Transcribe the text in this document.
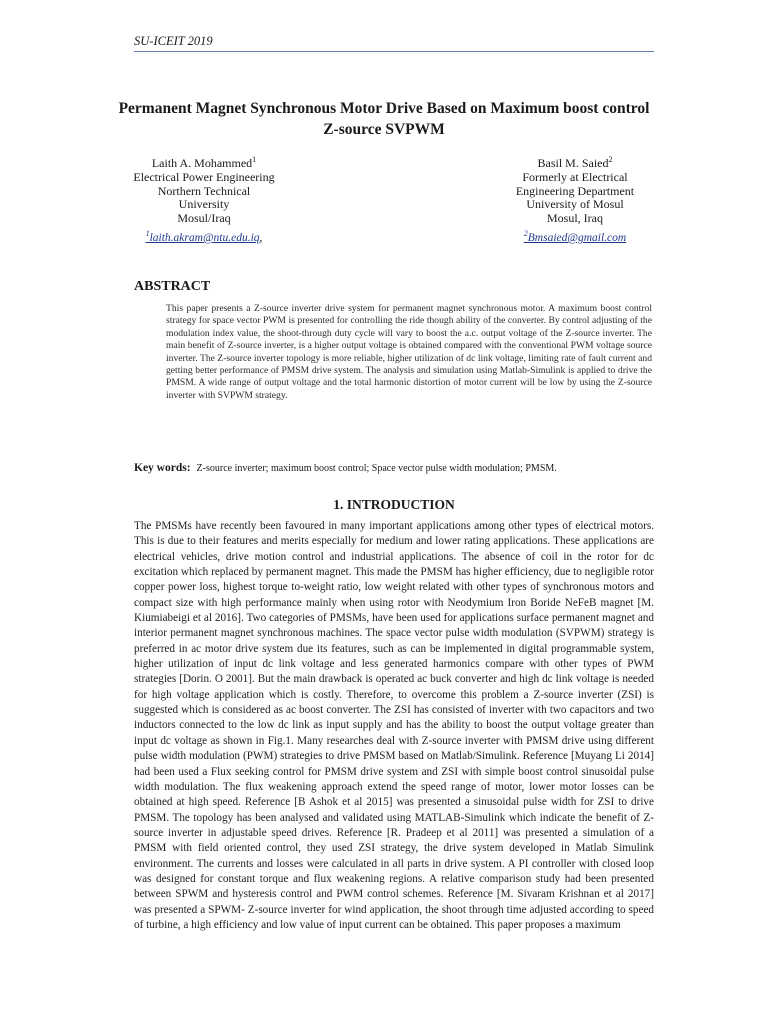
SU-ICEIT 2019
Permanent Magnet Synchronous Motor Drive Based on Maximum boost control Z-source SVPWM
Laith A. Mohammed$^1$
Electrical Power Engineering
Northern Technical
University
Mosul/Iraq
$^1$laith.akram@ntu.edu.iq,
Basil M. Saied$^2$
Formerly at Electrical
Engineering Department
University of Mosul
Mosul, Iraq
$^2$Bmsaied@gmail.com
ABSTRACT
This paper presents a Z-source inverter drive system for permanent magnet synchronous motor. A maximum boost control strategy for space vector PWM is presented for controlling the ride though ability of the converter. By control adjusting of the modulation index value, the shoot-through duty cycle will vary to boost the a.c. output voltage of the Z-source inverter. The main benefit of Z-source inverter, is a higher output voltage is obtained compared with the conventional PWM voltage source inverter. The Z-source inverter topology is more reliable, higher utilization of dc link voltage, limiting rate of fault current and getting better performance of PMSM drive system. The analysis and simulation using Matlab-Simulink is applied to drive the PMSM. A wide range of output voltage and the total harmonic distortion of motor current will be low by using the Z-source inverter with SVPWM strategy.
Key words: Z-source inverter; maximum boost control; Space vector pulse width modulation; PMSM.
1. INTRODUCTION
The PMSMs have recently been favoured in many important applications among other types of electrical motors. This is due to their features and merits especially for medium and lower rating applications. These applications are electrical vehicles, drive motion control and industrial applications. The absence of coil in the rotor for dc excitation which replaced by permanent magnet. This made the PMSM has higher efficiency, due to negligible rotor copper power loss, highest torque to-weight ratio, low weight related with other types of synchronous motors and compact size with high performance mainly when using rotor with Neodymium Iron Boride NeFeB magnet [M. Kiumiabeigi et al 2016]. Two categories of PMSMs, have been used for applications surface permanent magnet and interior permanent magnet synchronous machines. The space vector pulse width modulation (SVPWM) strategy is preferred in ac motor drive system due its features, such as can be implemented in digital programmable system, higher utilization of input dc link voltage and less generated harmonics compare with other types of PWM strategies [Dorin. O 2001]. But the main drawback is operated ac buck converter and high dc link voltage is needed for high voltage application which is costly. Therefore, to overcome this problem a Z-source inverter (ZSI) is suggested which is considered as ac boost converter. The ZSI has consisted of inverter with two capacitors and two inductors connected to the low dc link as input supply and has the ability to boost the output voltage greater than input dc voltage as shown in Fig.1. Many researches deal with Z-source inverter with PMSM drive using different pulse width modulation (PWM) strategies to drive PMSM based on Matlab/Simulink. Reference [Muyang Li 2014] had been used a Flux seeking control for PMSM drive system and ZSI with simple boost control sinusoidal pulse width modulation. The flux weakening approach extend the speed range of motor, lower motor losses can be obtained at high speed. Reference [B Ashok et al 2015] was presented a sinusoidal pulse width for ZSI to drive PMSM. The topology has been analysed and validated using MATLAB-Simulink which indicate the benefit of Z-source inverter in adjustable speed drives. Reference [R. Pradeep et al 2011] was presented a simulation of a PMSM with field oriented control, they used ZSI strategy, the drive system developed in Matlab Simulink environment. The currents and losses were calculated in all parts in drive system. A PI controller with closed loop was designed for constant torque and flux weakening regions. A relative comparison study had been presented between SPWM and hysteresis control and PWM control schemes. Reference [M. Sivaram Krishnan et al 2017] was presented a SPWM- Z-source inverter for wind application, the shoot through time adjusted according to speed of turbine, a high efficiency and low value of input current can be obtained. This paper proposes a maximum
